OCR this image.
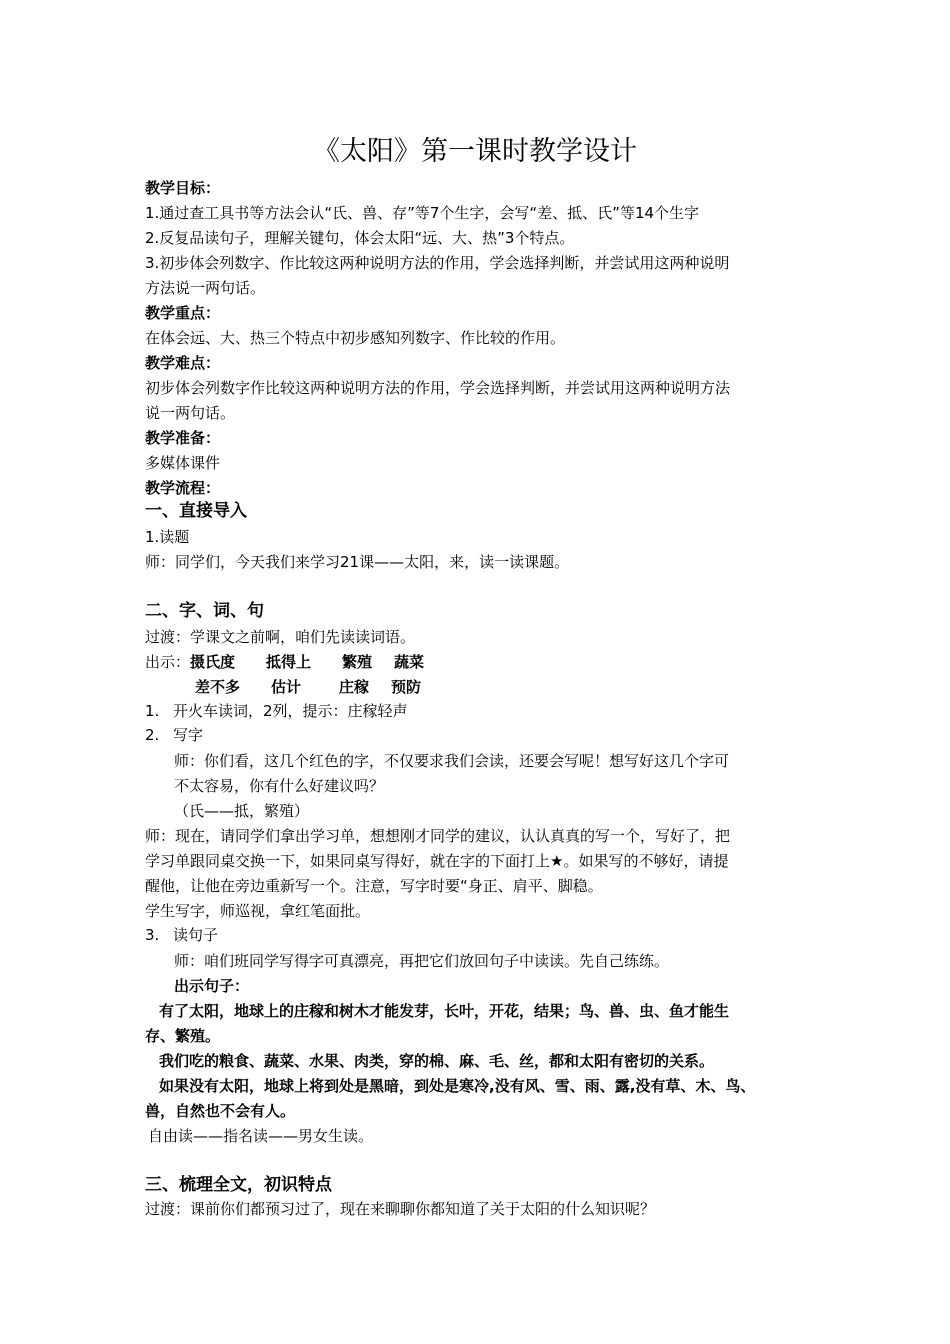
《太阳》第一课时教学设计
教学目标：
1.通过查工具书等方法会认“氏、兽、存”等7个生字，会写“差、抵、氏”等14个生字
2.反复品读句子，理解关键句，体会太阳“远、大、热”3个特点。
3.初步体会列数字、作比较这两种说明方法的作用，学会选择判断，并尝试用这两种说明
方法说一两句话。
教学重点：
在体会远、大、热三个特点中初步感知列数字、作比较的作用。
教学难点：
初步体会列数字作比较这两种说明方法的作用，学会选择判断，并尝试用这两种说明方法
说一两句话。
教学准备：
多媒体课件
教学流程：
一、直接导入
1.读题
师：同学们，今天我们来学习21课——太阳，来，读一读课题。
二、字、词、句
过渡：学课文之前啊，咱们先读读词语。
出示：摄氏度 抵得上 繁殖 蔬菜
差不多 估计	庄稼 预防
1. 开火车读词，2列，提示：庄稼轻声
2. 写字
师：你们看，这几个红色的字，不仅要求我们会读，还要会写呢！想写好这几个字可
不太容易，你有什么好建议吗？
（氏——抵，繁殖）
师：现在，请同学们拿出学习单，想想刚才同学的建议，认认真真的写一个，写好了，把
学习单跟同桌交换一下，如果同桌写得好，就在字的下面打上★。如果写的不够好，请提
醒他，让他在旁边重新写一个。注意，写字时要“身正、肩平、脚稳。
学生写字，师巡视，拿红笔面批。
3. 读句子
师：咱们班同学写得字可真漂亮，再把它们放回句子中读读。先自己练练。
出示句子：
有了太阳，地球上的庄稼和树木才能发芽，长叶，开花，结果；鸟、兽、虫、鱼才能生
存、繁殖。
我们吃的粮食、蔬菜、水果、肉类，穿的棉、麻、毛、丝，都和太阳有密切的关系。
如果没有太阳，地球上将到处是黑暗，到处是寒冷,没有风、雪、雨、露,没有草、木、鸟、
兽，自然也不会有人。
自由读——指名读——男女生读。
三、梳理全文，初识特点
过渡：课前你们都预习过了，现在来聊聊你都知道了关于太阳的什么知识呢？
